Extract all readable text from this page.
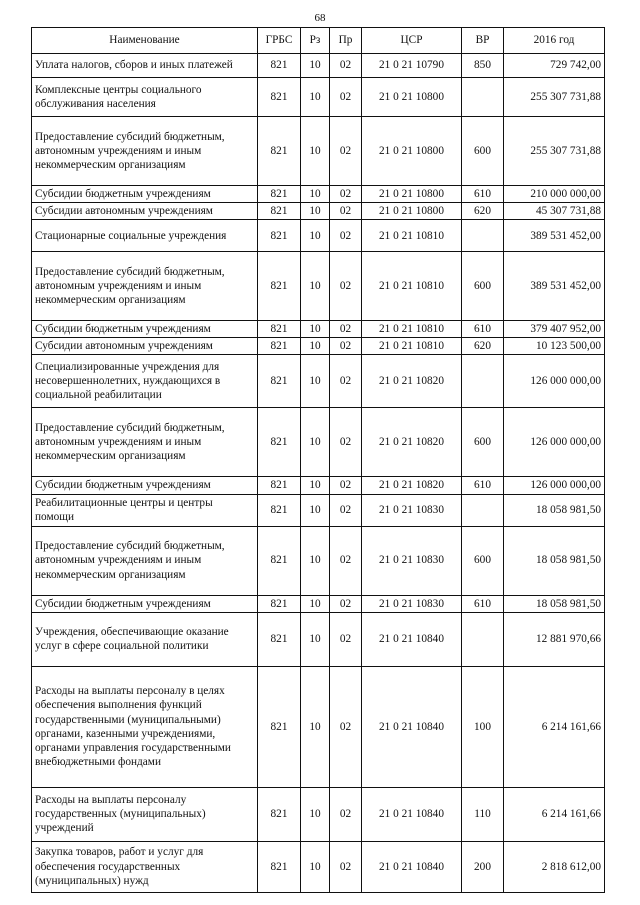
68
Наименование	ГРБС	Рз	Пр	ЦСР	ВР	2016 год
Уплата налогов, сборов и иных платежей	821	10	02	21 0 21 10790	850	729 742,00
Комплексные центры социального обслуживания населения	821	10	02	21 0 21 10800		255 307 731,88
Предоставление субсидий бюджетным, автономным учреждениям и иным некоммерческим организациям	821	10	02	21 0 21 10800	600	255 307 731,88
Субсидии бюджетным учреждениям	821	10	02	21 0 21 10800	610	210 000 000,00
Субсидии автономным учреждениям	821	10	02	21 0 21 10800	620	45 307 731,88
Стационарные социальные учреждения	821	10	02	21 0 21 10810		389 531 452,00
Предоставление субсидий бюджетным, автономным учреждениям и иным некоммерческим организациям	821	10	02	21 0 21 10810	600	389 531 452,00
Субсидии бюджетным учреждениям	821	10	02	21 0 21 10810	610	379 407 952,00
Субсидии автономным учреждениям	821	10	02	21 0 21 10810	620	10 123 500,00
Специализированные учреждения для несовершеннолетних, нуждающихся в социальной реабилитации	821	10	02	21 0 21 10820		126 000 000,00
Предоставление субсидий бюджетным, автономным учреждениям и иным некоммерческим организациям	821	10	02	21 0 21 10820	600	126 000 000,00
Субсидии бюджетным учреждениям	821	10	02	21 0 21 10820	610	126 000 000,00
Реабилитационные центры и центры помощи	821	10	02	21 0 21 10830		18 058 981,50
Предоставление субсидий бюджетным, автономным учреждениям и иным некоммерческим организациям	821	10	02	21 0 21 10830	600	18 058 981,50
Субсидии бюджетным учреждениям	821	10	02	21 0 21 10830	610	18 058 981,50
Учреждения, обеспечивающие оказание услуг в сфере социальной политики	821	10	02	21 0 21 10840		12 881 970,66
Расходы на выплаты персоналу в целях обеспечения выполнения функций государственными (муниципальными) органами, казенными учреждениями, органами управления государственными внебюджетными фондами	821	10	02	21 0 21 10840	100	6 214 161,66
Расходы на выплаты персоналу государственных (муниципальных) учреждений	821	10	02	21 0 21 10840	110	6 214 161,66
Закупка товаров, работ и услуг для обеспечения государственных (муниципальных) нужд	821	10	02	21 0 21 10840	200	2 818 612,00
